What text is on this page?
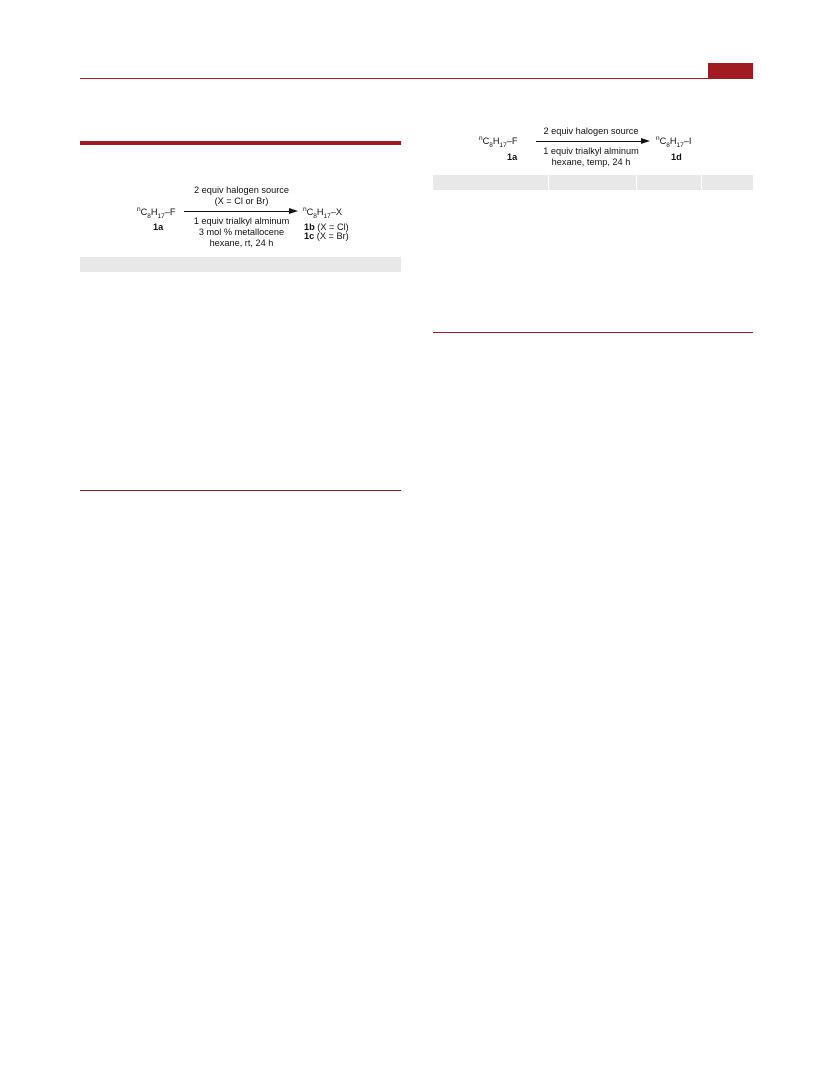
$^nC_8H_{17}-F$
1a
2 equiv halogen source
(X = Cl or Br)
1 equiv trialkyl alminum
3 mol % metallocene
hexane, rt, 24 h
$^nC_8H_{17}-X$
1b (X = Cl)
1c (X = Br)
$^nC_8H_{17}-F$
1a
2 equiv halogen source
1 equiv trialkyl alminum
hexane, temp, 24 h
$^nC_8H_{17}-I$
1d
